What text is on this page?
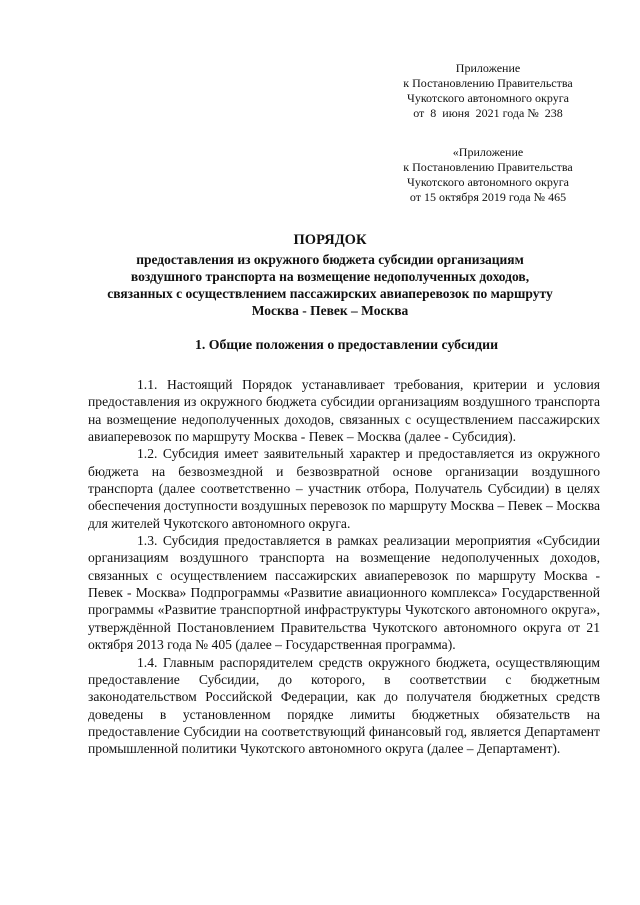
Приложение
к Постановлению Правительства
Чукотского автономного округа
от  8  июня  2021 года №  238
«Приложение
к Постановлению Правительства
Чукотского автономного округа
от 15 октября 2019 года № 465
ПОРЯДОК
предоставления из окружного бюджета субсидии организациям воздушного транспорта на возмещение недополученных доходов, связанных с осуществлением пассажирских авиаперевозок по маршруту Москва - Певек – Москва
1. Общие положения о предоставлении субсидии

1.1. Настоящий Порядок устанавливает требования, критерии и условия предоставления из окружного бюджета субсидии организациям воздушного транспорта на возмещение недополученных доходов, связанных с осуществлением пассажирских авиаперевозок по маршруту Москва - Певек – Москва (далее - Субсидия).

1.2. Субсидия имеет заявительный характер и предоставляется из окружного бюджета на безвозмездной и безвозвратной основе организации воздушного транспорта (далее соответственно – участник отбора, Получатель Субсидии) в целях обеспечения доступности воздушных перевозок по маршруту Москва – Певек – Москва для жителей Чукотского автономного округа.

1.3. Субсидия предоставляется в рамках реализации мероприятия «Субсидии организациям воздушного транспорта на возмещение недополученных доходов, связанных с осуществлением пассажирских авиаперевозок по маршруту Москва - Певек - Москва» Подпрограммы «Развитие авиационного комплекса» Государственной программы «Развитие транспортной инфраструктуры Чукотского автономного округа», утверждённой Постановлением Правительства Чукотского автономного округа от 21 октября 2013 года № 405 (далее – Государственная программа).

1.4. Главным распорядителем средств окружного бюджета, осуществляющим предоставление Субсидии, до которого, в соответствии с бюджетным законодательством Российской Федерации, как до получателя бюджетных средств доведены в установленном порядке лимиты бюджетных обязательств на предоставление Субсидии на соответствующий финансовый год, является Департамент промышленной политики Чукотского автономного округа (далее – Департамент).
